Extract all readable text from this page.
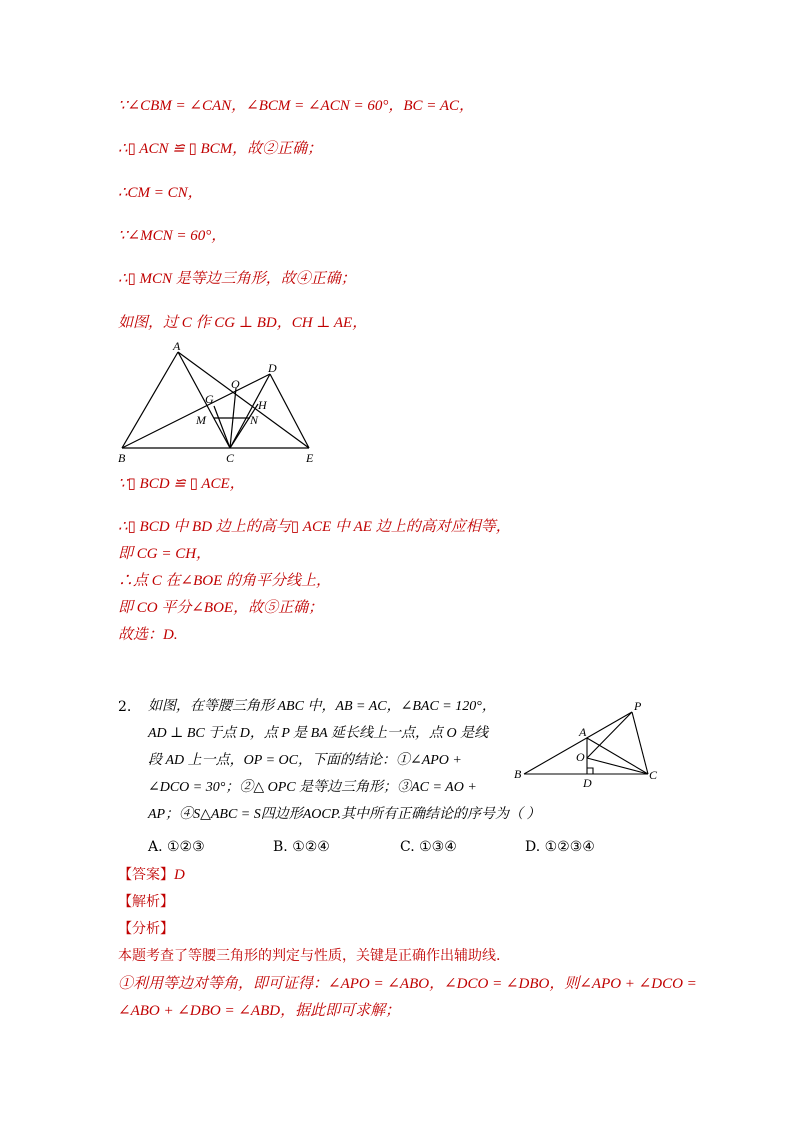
∵∠CBM = ∠CAN，∠BCM = ∠ACN = 60°，BC = AC，
∴▯ ACN ≌ ▯ BCM，故②正确；
∴CM = CN，
∵∠MCN = 60°，
∴▯ MCN 是等边三角形，故④正确；
如图，过 C 作 CG ⊥ BD，CH ⊥ AE，
A
B	C
D
E
O
G	H
M	N
∵▯ BCD ≌ ▯ ACE，
∴▯ BCD 中 BD 边上的高与▯ ACE 中 AE 边上的高对应相等，
即 CG = CH，
∴点 C 在∠BOE 的角平分线上，
即 CO 平分∠BOE，故⑤正确；
故选：D.
2. 如图，在等腰三角形 ABC 中，AB = AC，∠BAC = 120°，
AD ⊥ BC 于点 D，点 P 是 BA 延长线上一点，点 O 是线
段 AD 上一点，OP = OC，下面的结论：①∠APO +
∠DCO = 30°；②△ OPC 是等边三角形；③AC = AO +
AP；④S△ABC = S四边形AOCP.其中所有正确结论的序号为（ ）
A. ①②③	B. ①②④	C. ①③④	D. ①②③④
P
A
O
B
D
C
【答案】D
【解析】
【分析】
本题考查了等腰三角形的判定与性质，关键是正确作出辅助线.
①利用等边对等角，即可证得：∠APO = ∠ABO，∠DCO = ∠DBO，则∠APO + ∠DCO =
∠ABO + ∠DBO = ∠ABD，据此即可求解；
